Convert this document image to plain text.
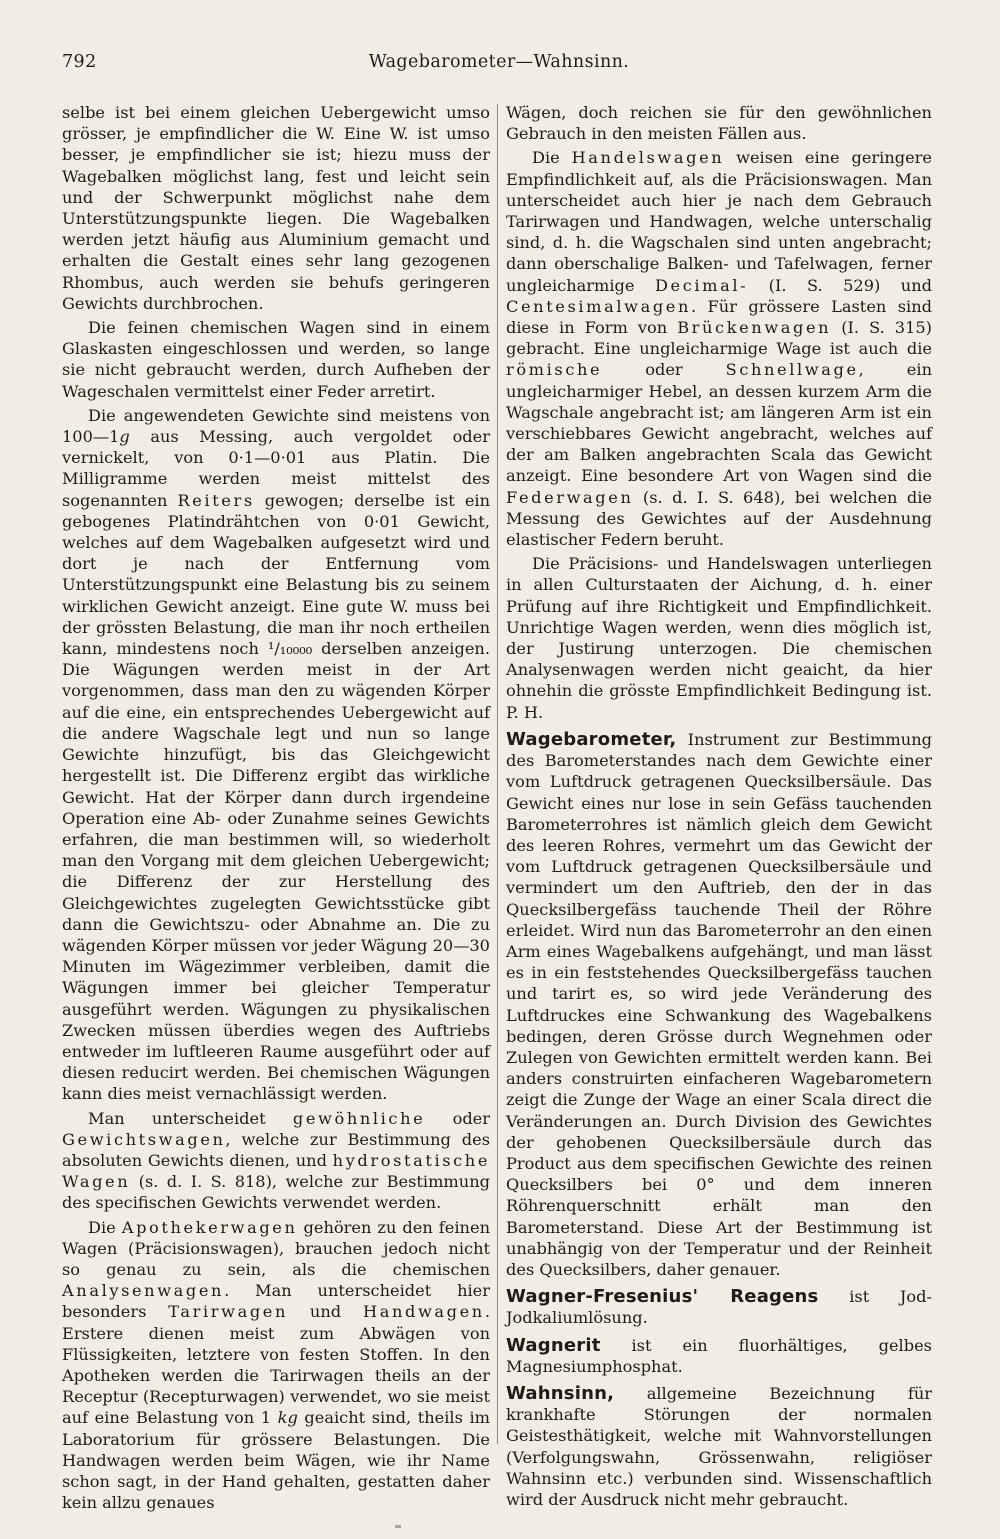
792	Wagebarometer—Wahnsinn.

selbe ist bei einem gleichen Uebergewicht umso grösser, je empfindlicher die W. Eine W. ist umso besser, je empfindlicher sie ist; hiezu muss der Wagebalken möglichst lang, fest und leicht sein und der Schwerpunkt möglichst nahe dem Unterstützungspunkte liegen. Die Wagebalken werden jetzt häufig aus Aluminium gemacht und erhalten die Gestalt eines sehr lang gezogenen Rhombus, auch werden sie behufs geringeren Gewichts durchbrochen.

Die feinen chemischen Wagen sind in einem Glaskasten eingeschlossen und werden, so lange sie nicht gebraucht werden, durch Aufheben der Wageschalen vermittelst einer Feder arretirt.

Die angewendeten Gewichte sind meistens von 100—1g aus Messing, auch vergoldet oder vernickelt, von 0·1—0·01 aus Platin. Die Milligramme werden meist mittelst des sogenannten Reiters gewogen; derselbe ist ein gebogenes Platindrähtchen von 0·01 Gewicht, welches auf dem Wagebalken aufgesetzt wird und dort je nach der Entfernung vom Unterstützungspunkt eine Belastung bis zu seinem wirklichen Gewicht anzeigt. Eine gute W. muss bei der grössten Belastung, die man ihr noch ertheilen kann, mindestens noch ¹/₁₀₀₀₀ derselben anzeigen. Die Wägungen werden meist in der Art vorgenommen, dass man den zu wägenden Körper auf die eine, ein entsprechendes Uebergewicht auf die andere Wagschale legt und nun so lange Gewichte hinzufügt, bis das Gleichgewicht hergestellt ist. Die Differenz ergibt das wirkliche Gewicht. Hat der Körper dann durch irgendeine Operation eine Ab- oder Zunahme seines Gewichts erfahren, die man bestimmen will, so wiederholt man den Vorgang mit dem gleichen Uebergewicht; die Differenz der zur Herstellung des Gleichgewichtes zugelegten Gewichtsstücke gibt dann die Gewichtszu- oder Abnahme an. Die zu wägenden Körper müssen vor jeder Wägung 20—30 Minuten im Wägezimmer verbleiben, damit die Wägungen immer bei gleicher Temperatur ausgeführt werden. Wägungen zu physikalischen Zwecken müssen überdies wegen des Auftriebs entweder im luftleeren Raume ausgeführt oder auf diesen reducirt werden. Bei chemischen Wägungen kann dies meist vernachlässigt werden.

Man unterscheidet gewöhnliche oder Gewichtswagen, welche zur Bestimmung des absoluten Gewichts dienen, und hydrostatische Wagen (s. d. I. S. 818), welche zur Bestimmung des specifischen Gewichts verwendet werden.

Die Apothekerwagen gehören zu den feinen Wagen (Präcisionswagen), brauchen jedoch nicht so genau zu sein, als die chemischen Analysenwagen. Man unterscheidet hier besonders Tarirwagen und Handwagen. Erstere dienen meist zum Abwägen von Flüssigkeiten, letztere von festen Stoffen. In den Apotheken werden die Tarirwagen theils an der Receptur (Recepturwagen) verwendet, wo sie meist auf eine Belastung von 1 kg geaicht sind, theils im Laboratorium für grössere Belastungen. Die Handwagen werden beim Wägen, wie ihr Name schon sagt, in der Hand gehalten, gestatten daher kein allzu genaues

Wägen, doch reichen sie für den gewöhnlichen Gebrauch in den meisten Fällen aus.

Die Handelswagen weisen eine geringere Empfindlichkeit auf, als die Präcisionswagen. Man unterscheidet auch hier je nach dem Gebrauch Tarirwagen und Handwagen, welche unterschalig sind, d. h. die Wagschalen sind unten angebracht; dann oberschalige Balken- und Tafelwagen, ferner ungleicharmige Decimal- (I. S. 529) und Centesimalwagen. Für grössere Lasten sind diese in Form von Brückenwagen (I. S. 315) gebracht. Eine ungleicharmige Wage ist auch die römische oder Schnellwage, ein ungleicharmiger Hebel, an dessen kurzem Arm die Wagschale angebracht ist; am längeren Arm ist ein verschiebbares Gewicht angebracht, welches auf der am Balken angebrachten Scala das Gewicht anzeigt. Eine besondere Art von Wagen sind die Federwagen (s. d. I. S. 648), bei welchen die Messung des Gewichtes auf der Ausdehnung elastischer Federn beruht.

Die Präcisions- und Handelswagen unterliegen in allen Culturstaaten der Aichung, d. h. einer Prüfung auf ihre Richtigkeit und Empfindlichkeit. Unrichtige Wagen werden, wenn dies möglich ist, der Justirung unterzogen. Die chemischen Analysenwagen werden nicht geaicht, da hier ohnehin die grösste Empfindlichkeit Bedingung ist. P. H.

Wagebarometer, Instrument zur Bestimmung des Barometerstandes nach dem Gewichte einer vom Luftdruck getragenen Quecksilbersäule. Das Gewicht eines nur lose in sein Gefäss tauchenden Barometerrohres ist nämlich gleich dem Gewicht des leeren Rohres, vermehrt um das Gewicht der vom Luftdruck getragenen Quecksilbersäule und vermindert um den Auftrieb, den der in das Quecksilbergefäss tauchende Theil der Röhre erleidet. Wird nun das Barometerrohr an den einen Arm eines Wagebalkens aufgehängt, und man lässt es in ein feststehendes Quecksilbergefäss tauchen und tarirt es, so wird jede Veränderung des Luftdruckes eine Schwankung des Wagebalkens bedingen, deren Grösse durch Wegnehmen oder Zulegen von Gewichten ermittelt werden kann. Bei anders construirten einfacheren Wagebarometern zeigt die Zunge der Wage an einer Scala direct die Veränderungen an. Durch Division des Gewichtes der gehobenen Quecksilbersäule durch das Product aus dem specifischen Gewichte des reinen Quecksilbers bei 0° und dem inneren Röhrenquerschnitt erhält man den Barometerstand. Diese Art der Bestimmung ist unabhängig von der Temperatur und der Reinheit des Quecksilbers, daher genauer.

Wagner-Fresenius' Reagens ist Jod-Jodkaliumlösung.

Wagnerit ist ein fluorhältiges, gelbes Magnesiumphosphat.

Wahnsinn, allgemeine Bezeichnung für krankhafte Störungen der normalen Geistesthätigkeit, welche mit Wahnvorstellungen (Verfolgungswahn, Grössenwahn, religiöser Wahnsinn etc.) verbunden sind. Wissenschaftlich wird der Ausdruck nicht mehr gebraucht.
